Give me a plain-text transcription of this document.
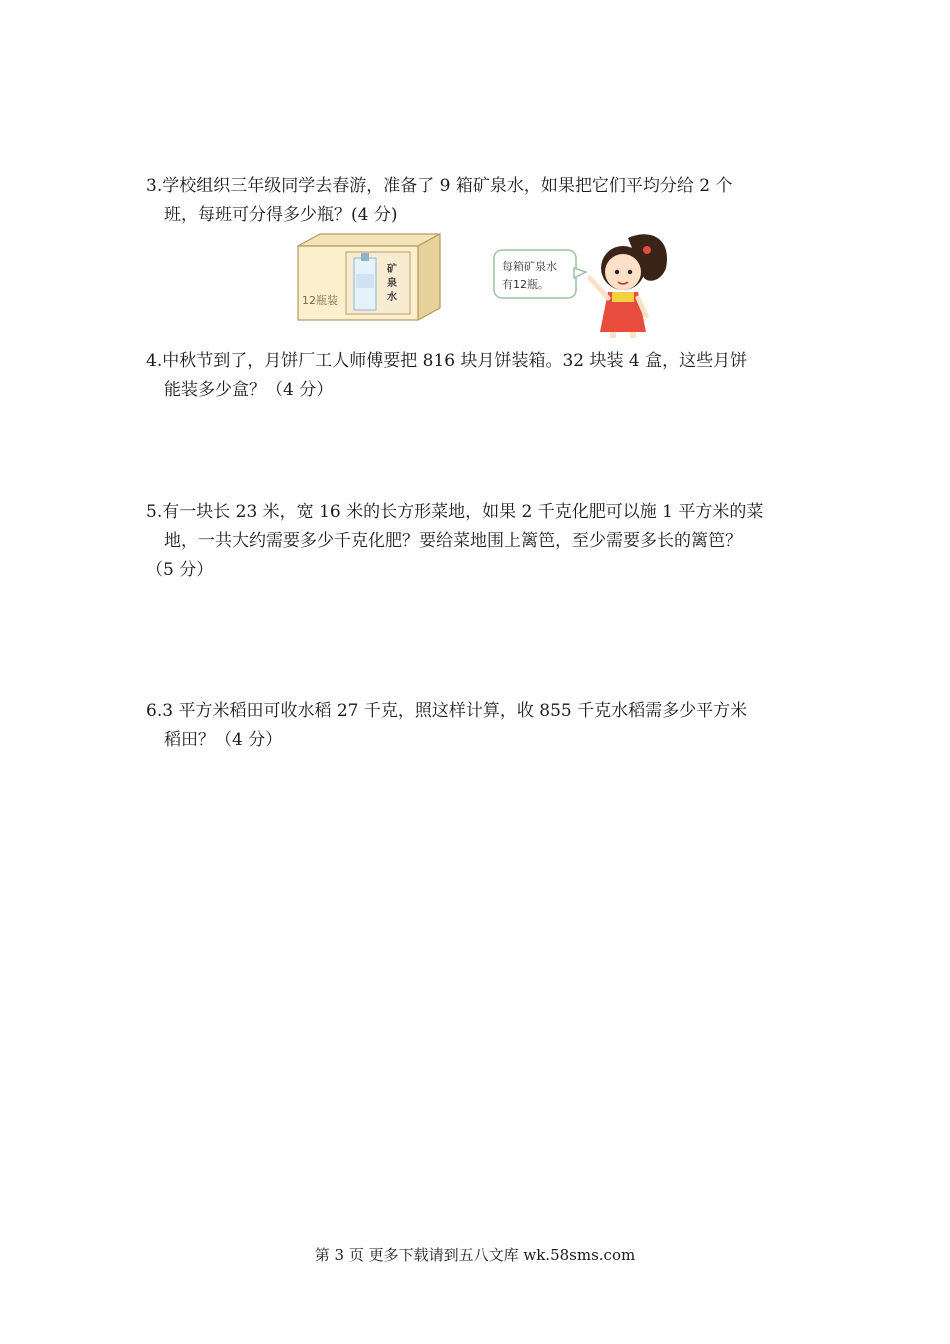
3.学校组织三年级同学去春游，准备了 9 箱矿泉水，如果把它们平均分给 2 个
班，每班可分得多少瓶？(4 分)
矿
泉
水
12瓶装
每箱矿泉水
有12瓶。
4.中秋节到了，月饼厂工人师傅要把 816 块月饼装箱。32 块装 4 盒，这些月饼
能装多少盒？（4 分）
5.有一块长 23 米，宽 16 米的长方形菜地，如果 2 千克化肥可以施 1 平方米的菜
地，一共大约需要多少千克化肥？要给菜地围上篱笆，至少需要多长的篱笆？
（5 分）
6.3 平方米稻田可收水稻 27 千克，照这样计算，收 855 千克水稻需多少平方米
稻田？（4 分）
第 3 页 更多下载请到五八文库 wk.58sms.com
